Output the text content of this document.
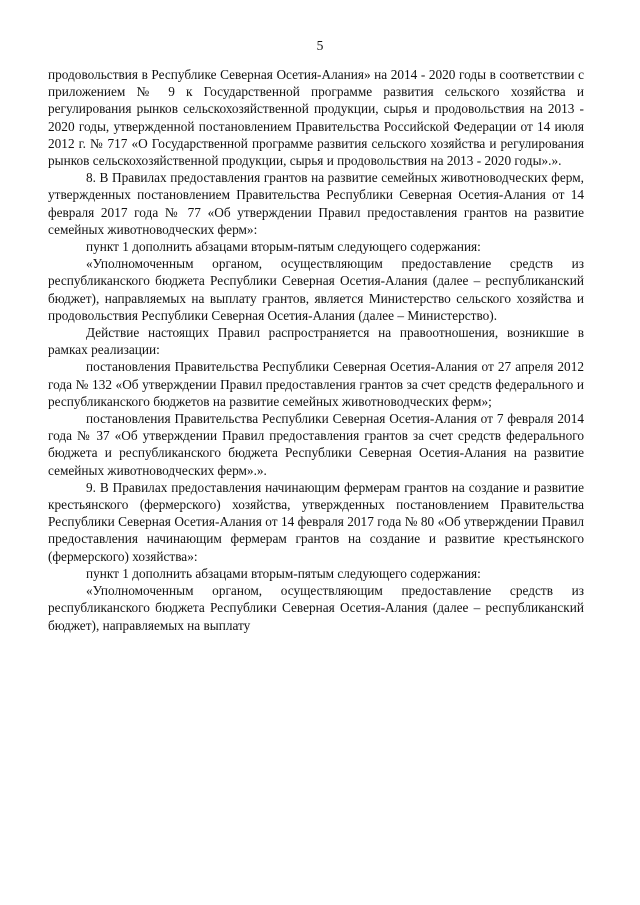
5

продовольствия в Республике Северная Осетия-Алания» на 2014 - 2020 годы в соответствии с приложением № 9 к Государственной программе развития сельского хозяйства и регулирования рынков сельскохозяйственной продукции, сырья и продовольствия на 2013 - 2020 годы, утвержденной постановлением Правительства Российской Федерации от 14 июля 2012 г. № 717 «О Государственной программе развития сельского хозяйства и регулирования рынков сельскохозяйственной продукции, сырья и продовольствия на 2013 - 2020 годы».».

8. В Правилах предоставления грантов на развитие семейных животноводческих ферм, утвержденных постановлением Правительства Республики Северная Осетия-Алания от 14 февраля 2017 года № 77 «Об утверждении Правил предоставления грантов на развитие семейных животноводческих ферм»:

пункт 1 дополнить абзацами вторым-пятым следующего содержания:

«Уполномоченным органом, осуществляющим предоставление средств из республиканского бюджета Республики Северная Осетия-Алания (далее – республиканский бюджет), направляемых на выплату грантов, является Министерство сельского хозяйства и продовольствия Республики Северная Осетия-Алания (далее – Министерство).

Действие настоящих Правил распространяется на правоотношения, возникшие в рамках реализации:

постановления Правительства Республики Северная Осетия-Алания от 27 апреля 2012 года № 132 «Об утверждении Правил предоставления грантов за счет средств федерального и республиканского бюджетов на развитие семейных животноводческих ферм»;

постановления Правительства Республики Северная Осетия-Алания от 7 февраля 2014 года № 37 «Об утверждении Правил предоставления грантов за счет средств федерального бюджета и республиканского бюджета Республики Северная Осетия-Алания на развитие семейных животноводческих ферм».».

9. В Правилах предоставления начинающим фермерам грантов на создание и развитие крестьянского (фермерского) хозяйства, утвержденных постановлением Правительства Республики Северная Осетия-Алания от 14 февраля 2017 года № 80 «Об утверждении Правил предоставления начинающим фермерам грантов на создание и развитие крестьянского (фермерского) хозяйства»:

пункт 1 дополнить абзацами вторым-пятым следующего содержания:

«Уполномоченным органом, осуществляющим предоставление средств из республиканского бюджета Республики Северная Осетия-Алания (далее – республиканский бюджет), направляемых на выплату
